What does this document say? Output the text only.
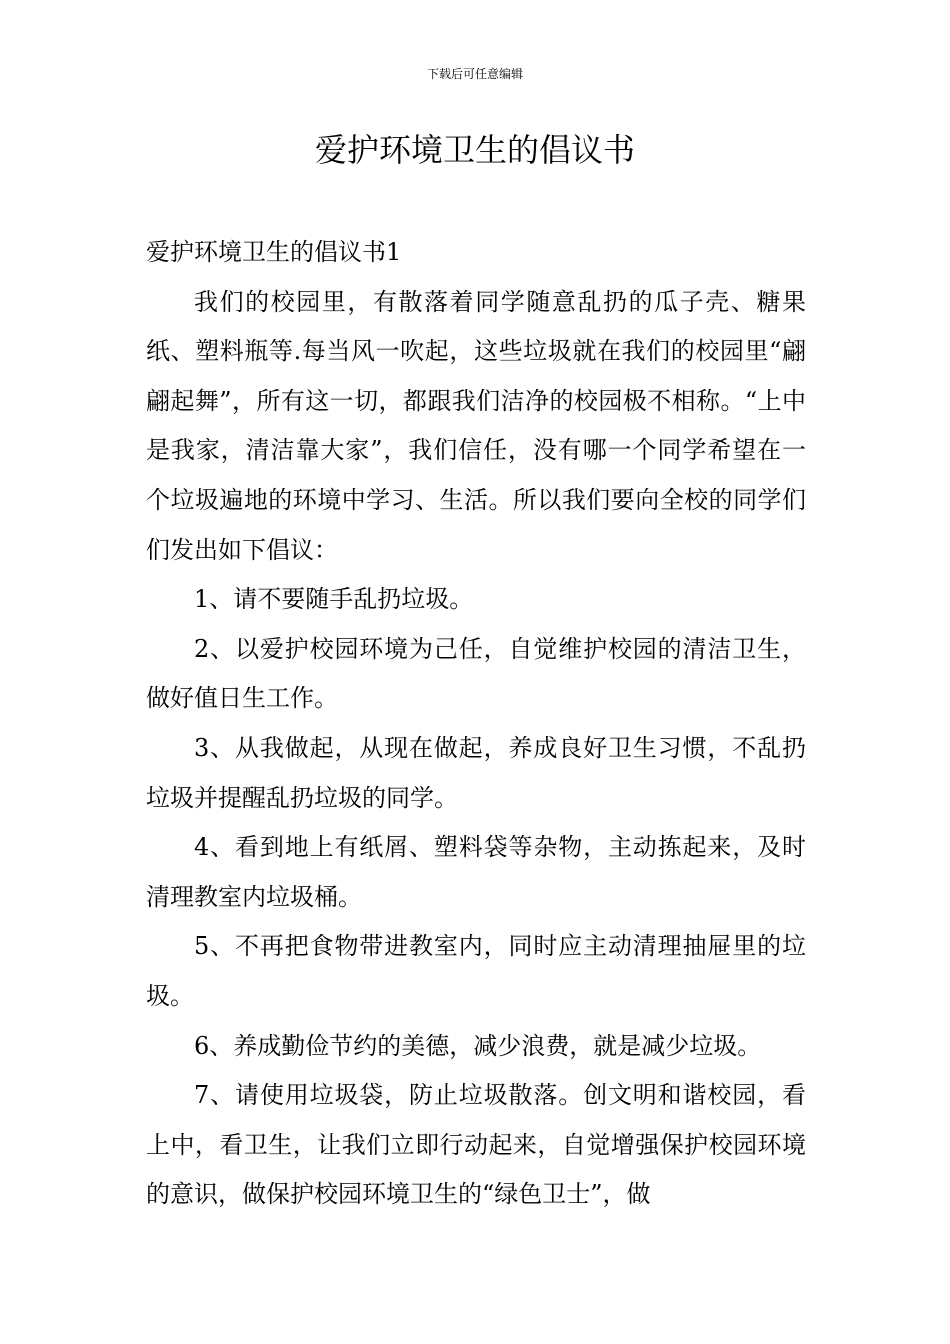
下载后可任意编辑
爱护环境卫生的倡议书

爱护环境卫生的倡议书1

我们的校园里，有散落着同学随意乱扔的瓜子壳、糖果纸、塑料瓶等.每当风一吹起，这些垃圾就在我们的校园里“翩翩起舞”，所有这一切，都跟我们洁净的校园极不相称。“上中是我家，清洁靠大家”，我们信任，没有哪一个同学希望在一个垃圾遍地的环境中学习、生活。所以我们要向全校的同学们们发出如下倡议：

1、请不要随手乱扔垃圾。

2、以爱护校园环境为己任，自觉维护校园的清洁卫生，做好值日生工作。

3、从我做起，从现在做起，养成良好卫生习惯，不乱扔垃圾并提醒乱扔垃圾的同学。

4、看到地上有纸屑、塑料袋等杂物，主动拣起来，及时清理教室内垃圾桶。

5、不再把食物带进教室内，同时应主动清理抽屉里的垃圾。

6、养成勤俭节约的美德，减少浪费，就是减少垃圾。

7、请使用垃圾袋，防止垃圾散落。创文明和谐校园，看上中，看卫生，让我们立即行动起来，自觉增强保护校园环境的意识，做保护校园环境卫生的“绿色卫士”，做
